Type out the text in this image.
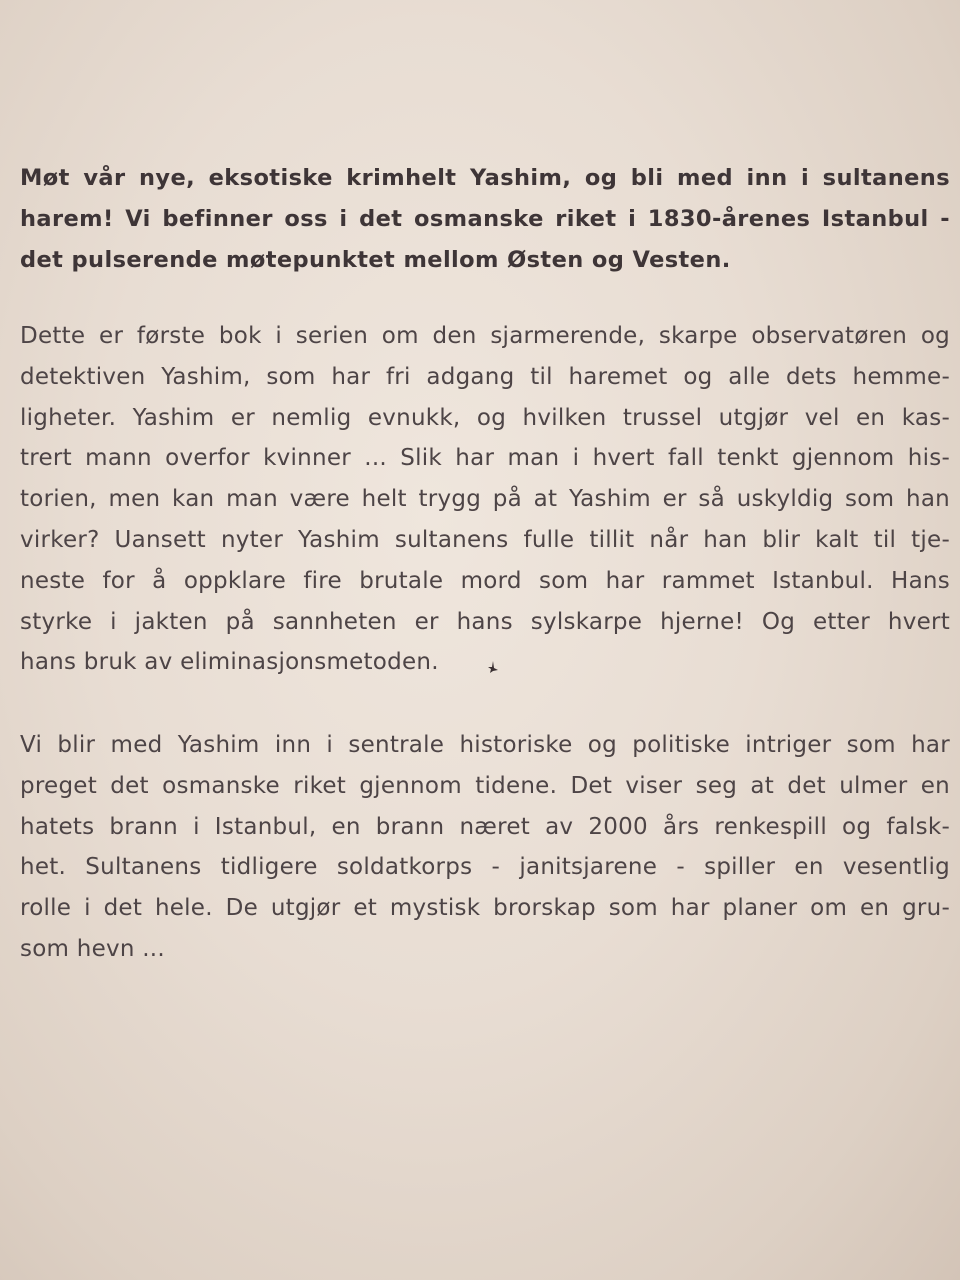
Møt vår nye, eksotiske krimhelt Yashim, og bli med inn i sultanens
harem! Vi befinner oss i det osmanske riket i 1830-årenes Istanbul -
det pulserende møtepunktet mellom Østen og Vesten.
Dette er første bok i serien om den sjarmerende, skarpe observatøren og
detektiven Yashim, som har fri adgang til haremet og alle dets hemme-
ligheter. Yashim er nemlig evnukk, og hvilken trussel utgjør vel en kas-
trert mann overfor kvinner ... Slik har man i hvert fall tenkt gjennom his-
torien, men kan man være helt trygg på at Yashim er så uskyldig som han
virker? Uansett nyter Yashim sultanens fulle tillit når han blir kalt til tje-
neste for å oppklare fire brutale mord som har rammet Istanbul. Hans
styrke i jakten på sannheten er hans sylskarpe hjerne! Og etter hvert
hans bruk av eliminasjonsmetoden.
Vi blir med Yashim inn i sentrale historiske og politiske intriger som har
preget det osmanske riket gjennom tidene. Det viser seg at det ulmer en
hatets brann i Istanbul, en brann næret av 2000 års renkespill og falsk-
het. Sultanens tidligere soldatkorps - janitsjarene - spiller en vesentlig
rolle i det hele. De utgjør et mystisk brorskap som har planer om en gru-
som hevn ...
